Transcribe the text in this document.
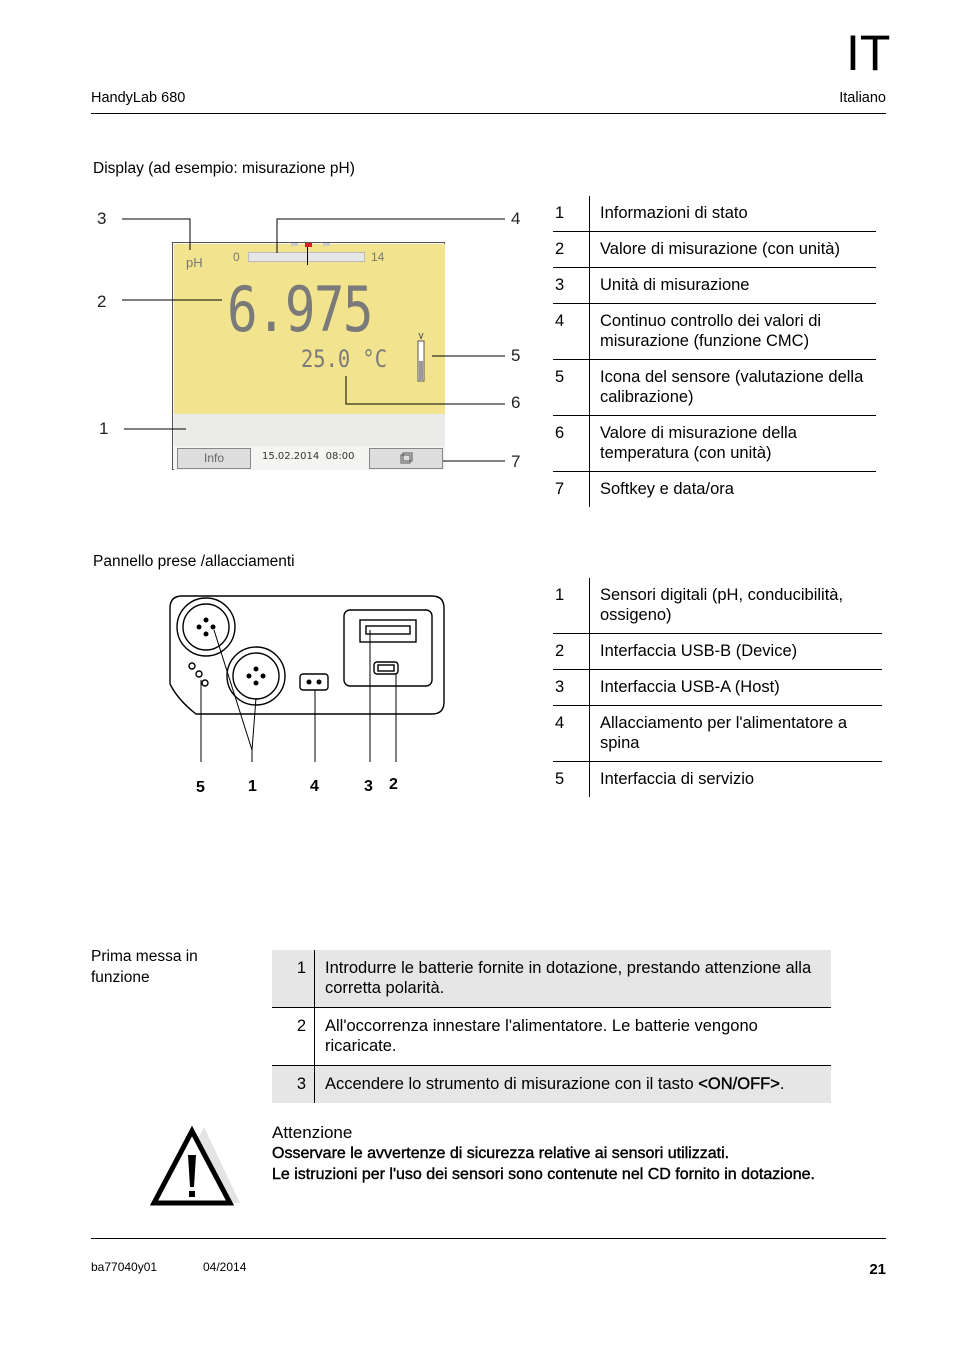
IT
HandyLab 680	Italiano
Display (ad esempio: misurazione pH)
3	4
2
5
6
1
7
pH	0	14
6.975
25.0 °C
Info	15.02.2014  08:00
1	Informazioni di stato
2	Valore di misurazione (con unità)
3	Unità di misurazione
4	Continuo controllo dei valori di misurazione (funzione CMC)
5	Icona del sensore (valutazione della calibrazione)
6	Valore di misurazione della temperatura (con unità)
7	Softkey e data/ora
Pannello prese /allacciamenti
5	1	4	3 2
1	Sensori digitali (pH, conducibilità, ossigeno)
2	Interfaccia USB-B (Device)
3	Interfaccia USB-A (Host)
4	Allacciamento per l'alimentatore a spina
5	Interfaccia di servizio
Prima messa in funzione
1	Introdurre le batterie fornite in dotazione, prestando attenzione alla corretta polarità.
2	All'occorrenza innestare l'alimentatore. Le batterie vengono ricaricate.
3	Accendere lo strumento di misurazione con il tasto <ON/OFF>.
Attenzione
Osservare le avvertenze di sicurezza relative ai sensori utilizzati.
Le istruzioni per l'uso dei sensori sono contenute nel CD fornito in dotazione.
ba77040y01	04/2014	21
